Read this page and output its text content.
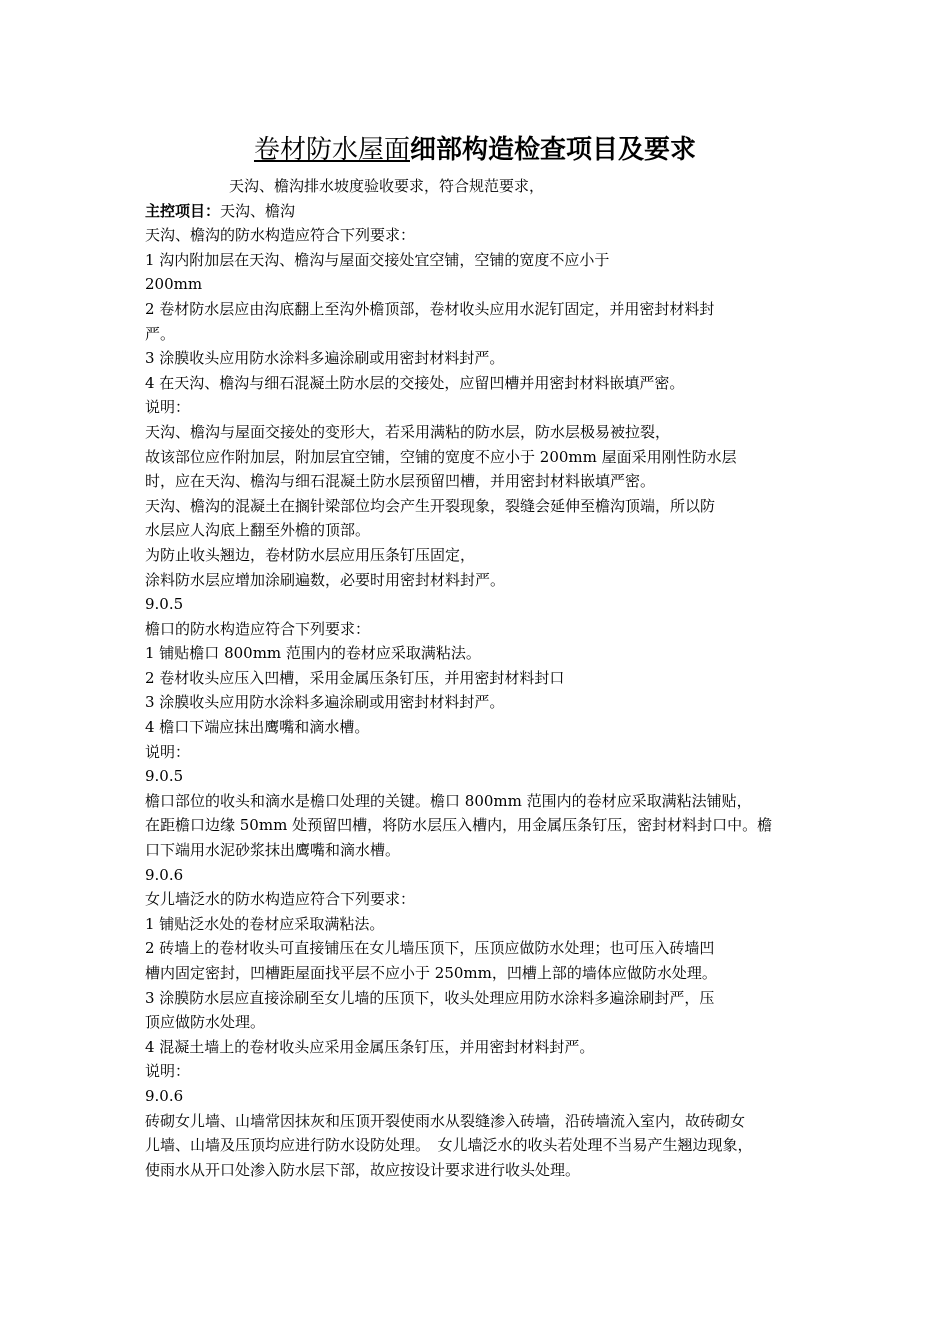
卷材防水屋面细部构造检查项目及要求
天沟、檐沟排水坡度验收要求，符合规范要求，
主控项目：天沟、檐沟
天沟、檐沟的防水构造应符合下列要求：
1 沟内附加层在天沟、檐沟与屋面交接处宜空铺，空铺的宽度不应小于
200mm
2 卷材防水层应由沟底翻上至沟外檐顶部，卷材收头应用水泥钉固定，并用密封材料封
严。
3 涂膜收头应用防水涂料多遍涂刷或用密封材料封严。
4 在天沟、檐沟与细石混凝土防水层的交接处，应留凹槽并用密封材料嵌填严密。
说明：
天沟、檐沟与屋面交接处的变形大，若采用满粘的防水层，防水层极易被拉裂，
故该部位应作附加层，附加层宜空铺，空铺的宽度不应小于 200mm 屋面采用刚性防水层
时，应在天沟、檐沟与细石混凝土防水层预留凹槽，并用密封材料嵌填严密。
天沟、檐沟的混凝土在搁针梁部位均会产生开裂现象，裂缝会延伸至檐沟顶端，所以防
水层应人沟底上翻至外檐的顶部。
为防止收头翘边，卷材防水层应用压条钉压固定，
涂料防水层应增加涂刷遍数，必要时用密封材料封严。
9.0.5
檐口的防水构造应符合下列要求：
1 铺贴檐口 800mm 范围内的卷材应采取满粘法。
2 卷材收头应压入凹槽，采用金属压条钉压，并用密封材料封口
3 涂膜收头应用防水涂料多遍涂刷或用密封材料封严。
4 檐口下端应抹出鹰嘴和滴水槽。
说明：
9.0.5
檐口部位的收头和滴水是檐口处理的关键。檐口 800mm 范围内的卷材应采取满粘法铺贴，
在距檐口边缘 50mm 处预留凹槽，将防水层压入槽内，用金属压条钉压，密封材料封口中。檐
口下端用水泥砂浆抹出鹰嘴和滴水槽。
9.0.6
女儿墙泛水的防水构造应符合下列要求：
1 铺贴泛水处的卷材应采取满粘法。
2 砖墙上的卷材收头可直接铺压在女儿墙压顶下，压顶应做防水处理；也可压入砖墙凹
槽内固定密封，凹槽距屋面找平层不应小于 250mm，凹槽上部的墙体应做防水处理。
3 涂膜防水层应直接涂刷至女儿墙的压顶下，收头处理应用防水涂料多遍涂刷封严，压
顶应做防水处理。
4 混凝土墙上的卷材收头应采用金属压条钉压，并用密封材料封严。
说明：
9.0.6
砖砌女儿墙、山墙常因抹灰和压顶开裂使雨水从裂缝渗入砖墙，沿砖墙流入室内，故砖砌女
儿墙、山墙及压顶均应进行防水设防处理。　女儿墙泛水的收头若处理不当易产生翘边现象，
使雨水从开口处渗入防水层下部，故应按设计要求进行收头处理。
